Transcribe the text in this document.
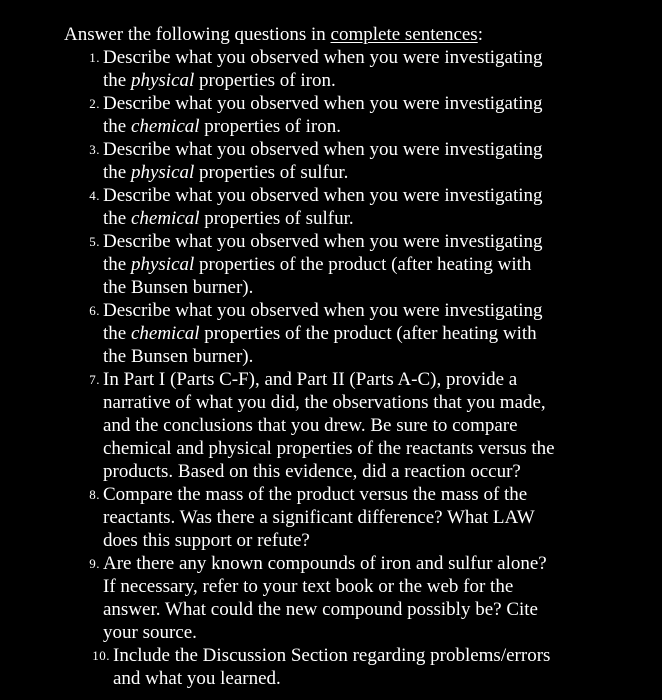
Answer the following questions in complete sentences:

1. Describe what you observed when you were investigating
the physical properties of iron.
2. Describe what you observed when you were investigating
the chemical properties of iron.
3. Describe what you observed when you were investigating
the physical properties of sulfur.
4. Describe what you observed when you were investigating
the chemical properties of sulfur.
5. Describe what you observed when you were investigating
the physical properties of the product (after heating with
the Bunsen burner).
6. Describe what you observed when you were investigating
the chemical properties of the product (after heating with
the Bunsen burner).
7. In Part I (Parts C-F), and Part II (Parts A-C), provide a
narrative of what you did, the observations that you made,
and the conclusions that you drew. Be sure to compare
chemical and physical properties of the reactants versus the
products. Based on this evidence, did a reaction occur?
8. Compare the mass of the product versus the mass of the
reactants. Was there a significant difference? What LAW
does this support or refute?
9. Are there any known compounds of iron and sulfur alone?
If necessary, refer to your text book or the web for the
answer. What could the new compound possibly be? Cite
your source.
10. Include the Discussion Section regarding problems/errors
and what you learned.
